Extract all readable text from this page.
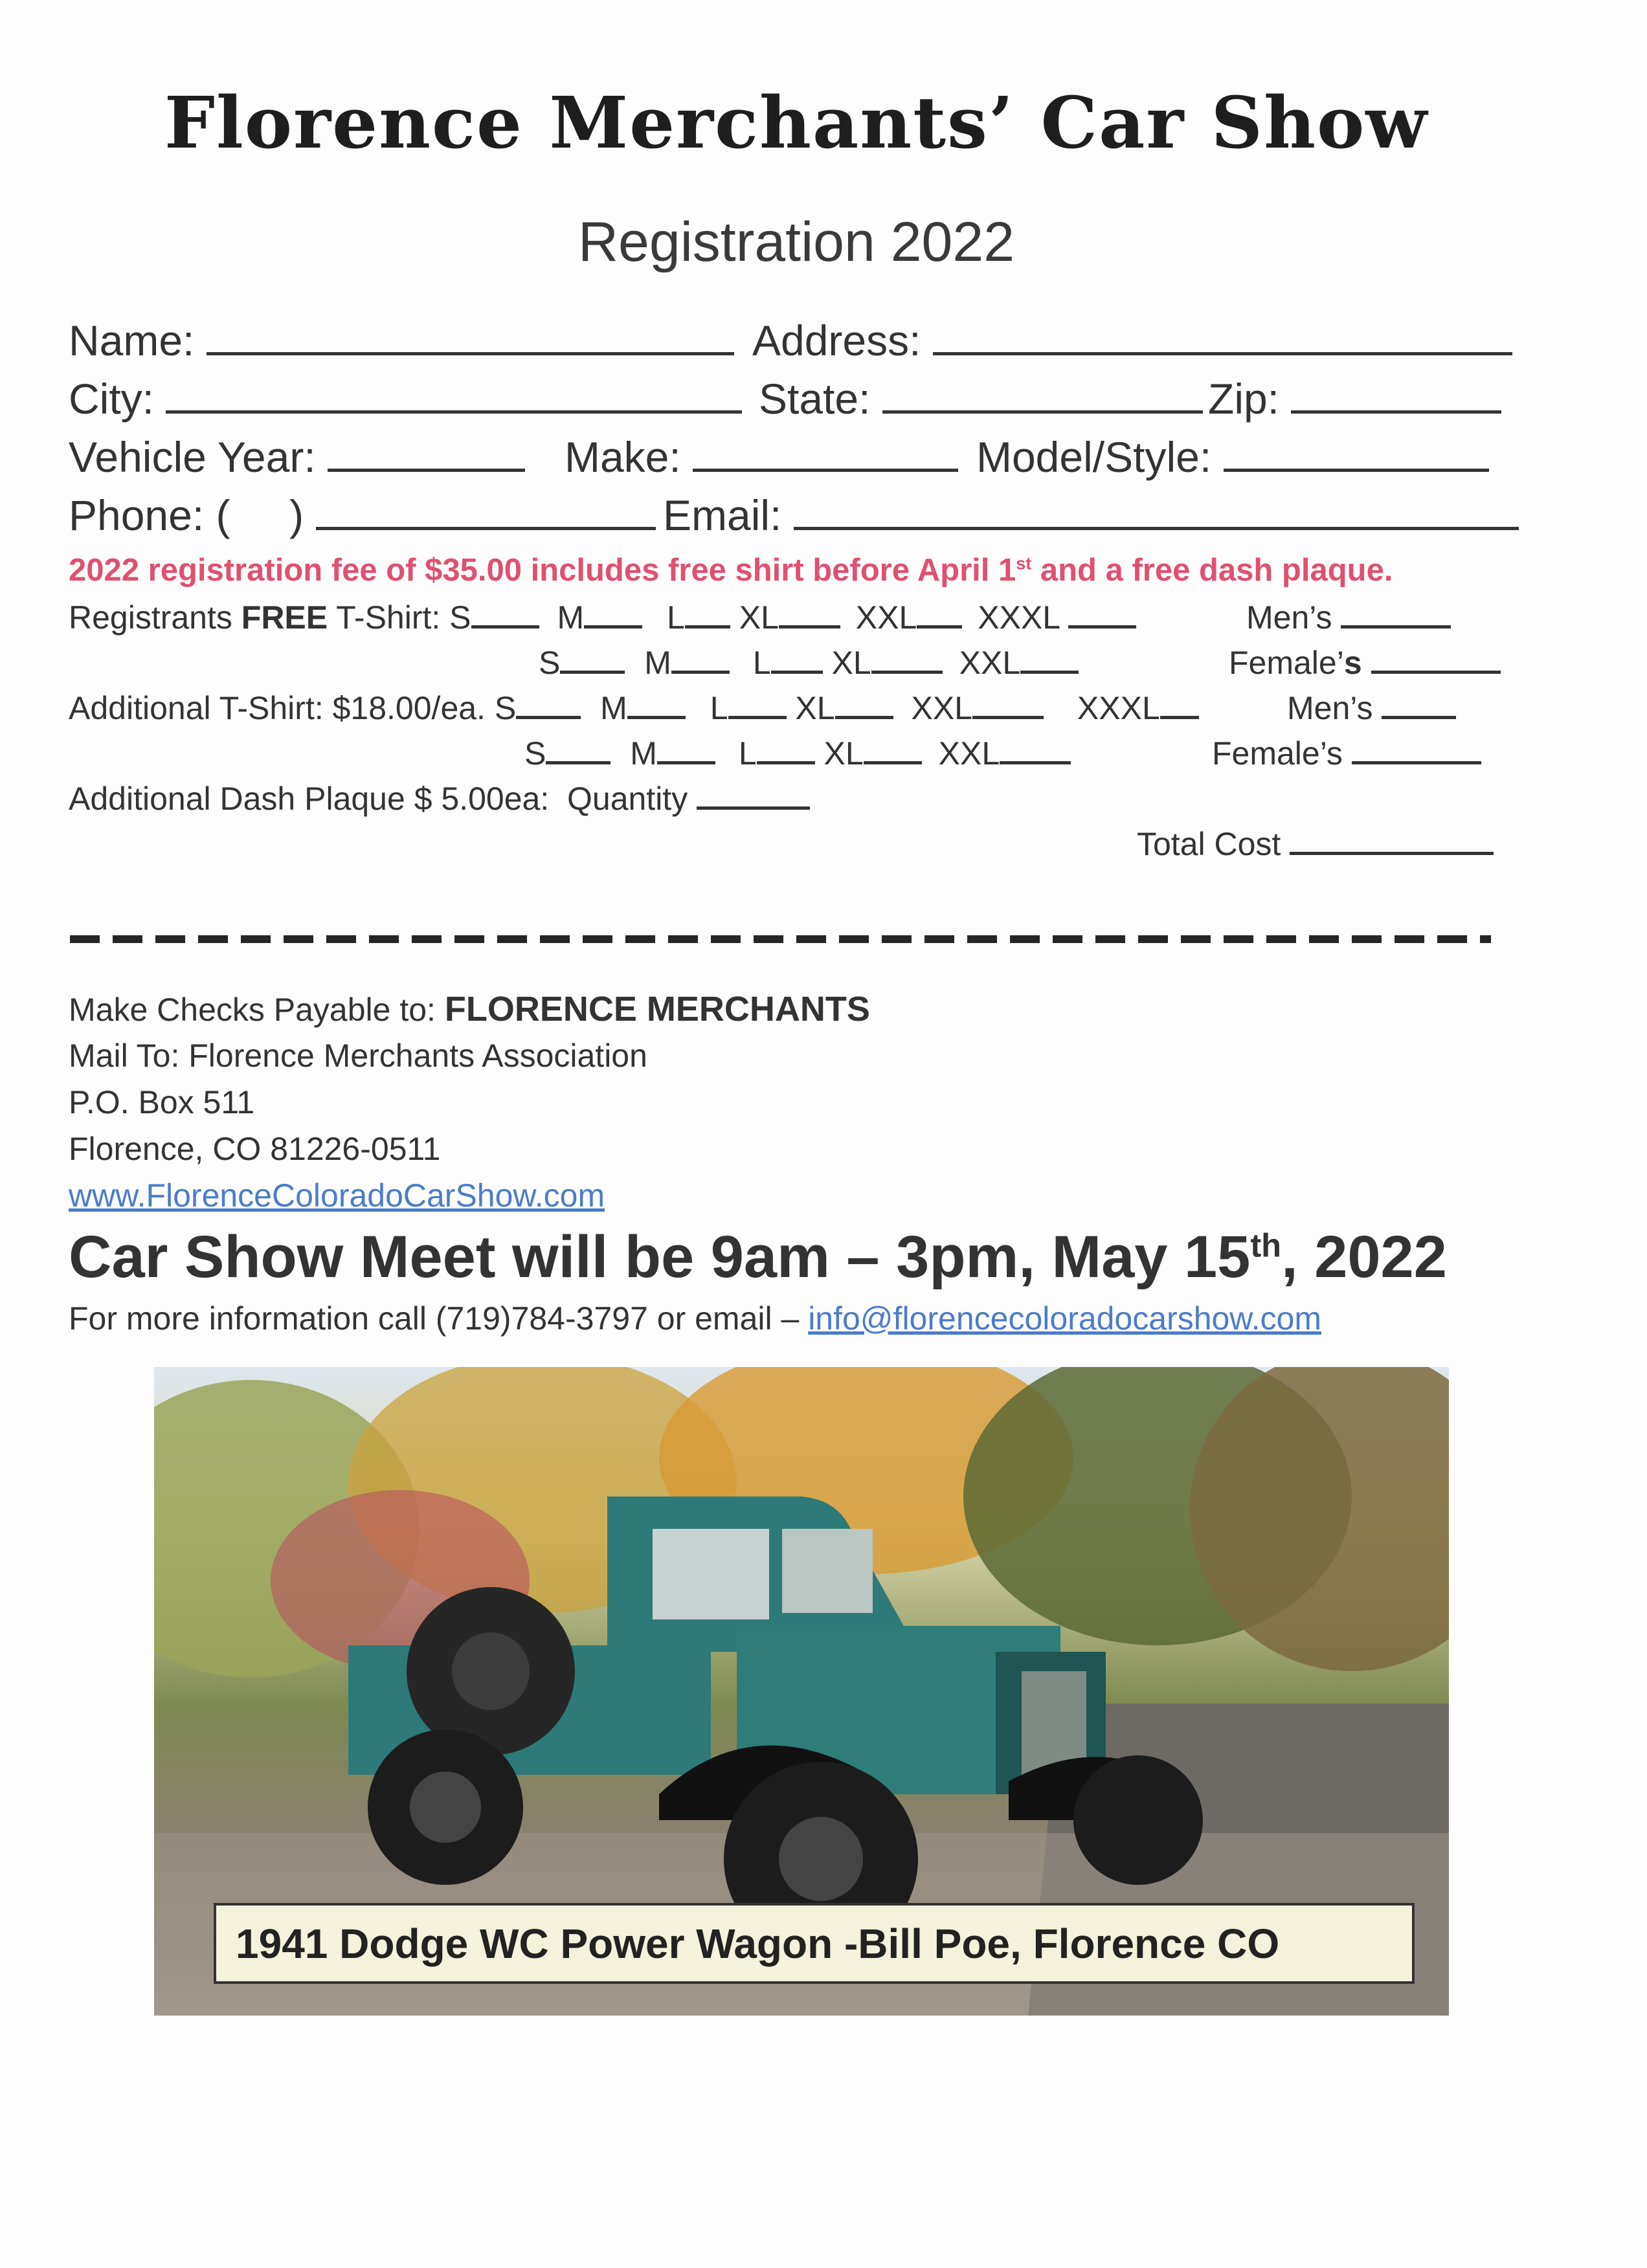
Florence Merchants’ Car Show
Registration 2022
Name:	Address:
City:	State:	Zip:
Vehicle Year:	Make:	Model/Style:
Phone: (     )	Email:
2022 registration fee of $35.00 includes free shirt before April 1st and a free dash plaque.
Registrants FREE T-Shirt: S	M	L XL XXL XXXL	Men’s
S	M	L XL	XXL	Female’s
Additional T-Shirt: $18.00/ea. S	M	L XL XXL	XXXL	Men’s
S	M	L XL XXL	Female’s
Additional Dash Plaque $ 5.00ea:  Quantity
Total Cost
Make Checks Payable to: FLORENCE MERCHANTS
Mail To: Florence Merchants Association
P.O. Box 511
Florence, CO 81226-0511
www.FlorenceColoradoCarShow.com
Car Show Meet will be 9am – 3pm, May 15th, 2022
For more information call (719)784-3797 or email – info@florencecoloradocarshow.com
1941 Dodge WC Power Wagon -Bill Poe, Florence CO
